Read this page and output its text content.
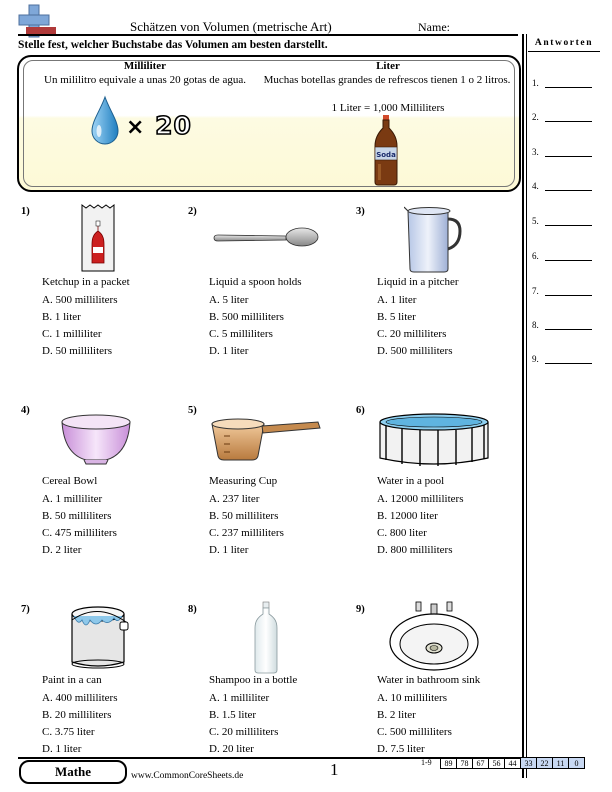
Schätzen von Volumen (metrische Art)	Name:
Stelle fest, welcher Buchstabe das Volumen am besten darstellt.
Milliliter
Un mililitro equivale a unas 20 gotas de agua.
× 20
Liter
Muchas botellas grandes de refrescos tienen 1 o 2 litros.
1 Liter = 1,000 Milliliters
Soda
1)
Ketchup in a packet
A. 500 milliliters
B. 1 liter
C. 1 milliliter
D. 50 milliliters
2)
Liquid a spoon holds
A. 5 liter
B. 500 milliliters
C. 5 milliliters
D. 1 liter
3)
Liquid in a pitcher
A. 1 liter
B. 5 liter
C. 20 milliliters
D. 500 milliliters
4)
Cereal Bowl
A. 1 milliliter
B. 50 milliliters
C. 475 milliliters
D. 2 liter
5)
Measuring Cup
A. 237 liter
B. 50 milliliters
C. 237 milliliters
D. 1 liter
6)
Water in a pool
A. 12000 milliliters
B. 12000 liter
C. 800 liter
D. 800 milliliters
7)
Paint in a can
A. 400 milliliters
B. 20 milliliters
C. 3.75 liter
D. 1 liter
8)
Shampoo in a bottle
A. 1 milliliter
B. 1.5 liter
C. 20 milliliters
D. 20 liter
9)
Water in bathroom sink
A. 10 milliliters
B. 2 liter
C. 500 milliliters
D. 7.5 liter
Antworten
1.
2.
3.
4.
5.
6.
7.
8.
9.
Mathe	www.CommonCoreSheets.de	1	1-9 89	78	67	56	44	33	22	11	0
